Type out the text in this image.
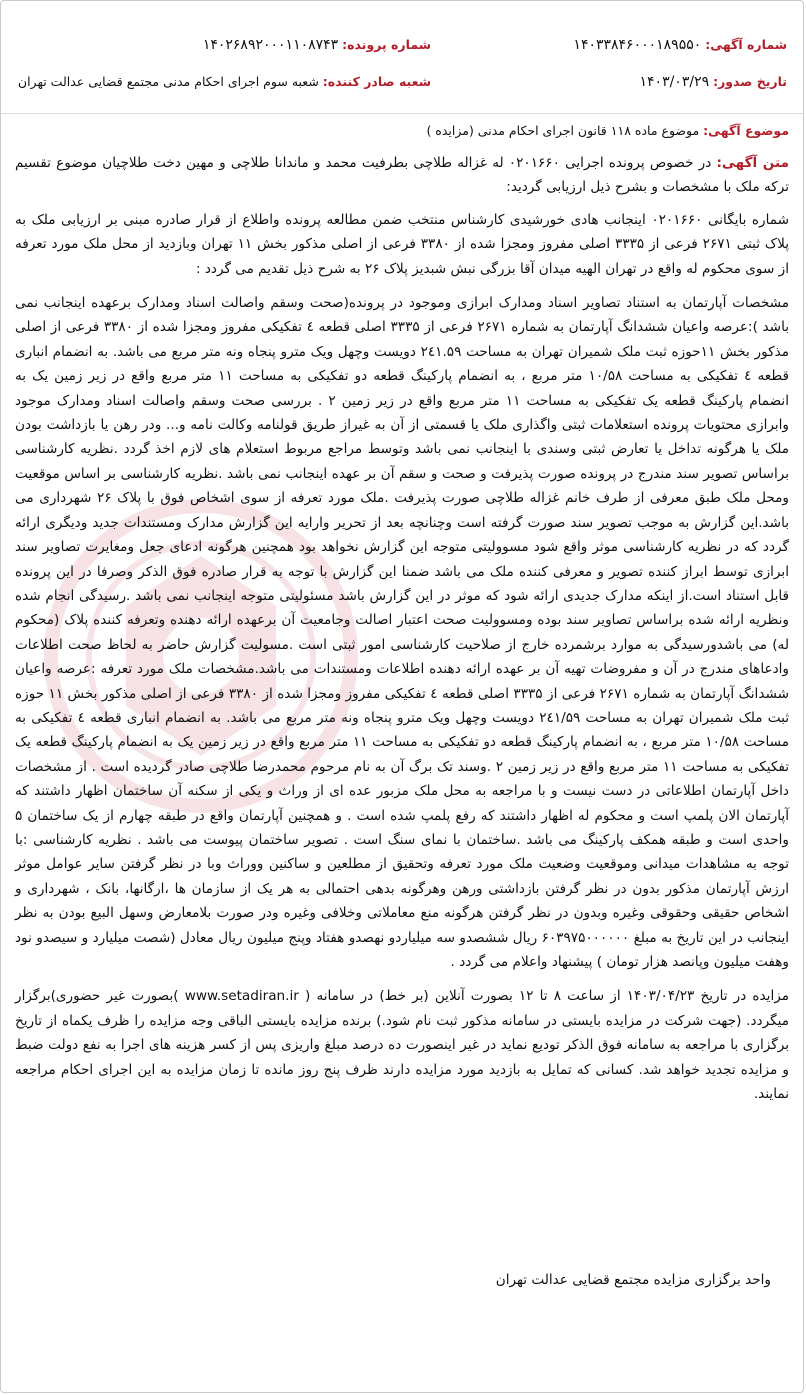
شماره آگهی: ۱۴۰۳۳۸۴۶۰۰۰۱۸۹۵۵۰
شماره پرونده: ۱۴۰۲۶۸۹۲۰۰۰۱۱۰۸۷۴۳
تاریخ صدور: ۱۴۰۳/۰۳/۲۹
شعبه صادر کننده: شعبه سوم اجرای احکام مدنی مجتمع قضایی عدالت تهران
موضوع آگهی: موضوع ماده ۱۱۸ قانون اجرای احکام مدنی (مزایده )

متن آگهی: در خصوص پرونده اجرایی ۰۲۰۱۶۶۰ له غزاله طلاچی بطرفیت محمد و ماندانا طلاچی و مهین دخت طلاچیان موضوع تقسیم ترکه ملک با مشخصات و بشرح ذیل ارزیابی گردید:

شماره بایگانی ۰۲۰۱۶۶۰ اینجانب هادی خورشیدی کارشناس منتخب ضمن مطالعه پرونده واطلاع از قرار صادره مبنی بر ارزیابی ملک به پلاک ثبتی ۲۶۷۱ فرعی از ۳۳۳۵ اصلی مفروز ومجزا شده از ۳۳۸۰ فرعی از اصلی مذکور بخش ۱۱ تهران وبازدید از محل ملک مورد تعرفه از سوی محکوم له واقع در تهران الهیه میدان آقا بزرگی نبش شبدیز پلاک ۲۶ به شرح ذیل تقدیم می گردد :

مشخصات آپارتمان به استناد تصاویر اسناد ومدارک ابرازی وموجود در پرونده(صحت وسقم واصالت اسناد ومدارک برعهده اینجانب نمی باشد ):عرصه واعیان ششدانگ آپارتمان به شماره ۲۶۷۱ فرعی از ۳۳۳۵ اصلی قطعه ٤ تفکیکی مفروز ومجزا شده از ۳۳۸۰ فرعی از اصلی مذکور بخش ۱۱حوزه ثبت ملک شمیران تهران به مساحت ۲٤۱.۵۹ دویست وچهل ویک مترو پنجاه ونه متر مربع می باشد. به انضمام انباری قطعه ٤ تفکیکی به مساحت ۱۰/۵۸ متر مربع ، به انضمام پارکینگ قطعه دو تفکیکی به مساحت ۱۱ متر مربع واقع در زیر زمین یک به انضمام پارکینگ قطعه یک تفکیکی به مساحت ۱۱ متر مربع واقع در زیر زمین ۲ . بررسی صحت وسقم واصالت اسناد ومدارک موجود وابرازی محتویات پرونده استعلامات ثبتی واگذاری ملک یا قسمتی از آن به غیراز طریق قولنامه وکالت نامه و... ودر رهن یا بازداشت بودن ملک یا هرگونه تداخل یا تعارض ثبتی وسندی با اینجانب نمی باشد وتوسط مراجع مربوط استعلام های لازم اخذ گردد .نظریه کارشناسی براساس تصویر سند مندرج در پرونده صورت پذیرفت و صحت و سقم آن بر عهده اینجانب نمی باشد .نظریه کارشناسی بر اساس موقعیت ومحل ملک طبق معرفی از طرف خانم غزاله طلاچی صورت پذیرفت .ملک مورد تعرفه از سوی اشخاص فوق با پلاک ۲۶ شهرداری می باشد.این گزارش به موجب تصویر سند صورت گرفته است وچنانچه بعد از تحریر وارایه این گزارش مدارک ومستندات جدید ودیگری ارائه گردد که در نظریه کارشناسی موثر واقع شود مسوولیتی متوجه این گزارش نخواهد بود همچنین هرگونه ادعای جعل ومغایرت تصاویر سند ابرازی توسط ابراز کننده تصویر و معرفی کننده ملک می باشد ضمنا این گزارش با توجه به قرار صادره فوق الذکر وصرفا در این پرونده قابل استناد است.از اینکه مدارک جدیدی ارائه شود که موثر در این گزارش باشد مسئولیتی متوجه اینجانب نمی باشد .رسیدگی انجام شده ونظریه ارائه شده براساس تصاویر سند بوده ومسوولیت صحت اعتبار اصالت وجامعیت آن برعهده ارائه دهنده وتعرفه کننده پلاک (محکوم له) می باشدورسیدگی به موارد برشمرده خارج از صلاحیت کارشناسی امور ثبتی است .مسولیت گزارش حاضر به لحاظ صحت اطلاعات وادعاهای مندرج در آن و مفروضات تهیه آن بر عهده ارائه دهنده اطلاعات ومستندات می باشد.مشخصات ملک مورد تعرفه :عرصه واعیان ششدانگ آپارتمان به شماره ۲۶۷۱ فرعی از ۳۳۳۵ اصلی قطعه ٤ تفکیکی مفروز ومجزا شده از ۳۳۸۰ فرعی از اصلی مذکور بخش ۱۱ حوزه ثبت ملک شمیران تهران به مساحت ۲٤۱/۵۹ دویست وچهل ویک مترو پنجاه ونه متر مربع می باشد. به انضمام انباری قطعه ٤ تفکیکی به مساحت ۱۰/۵۸ متر مربع ، به انضمام پارکینگ قطعه دو تفکیکی به مساحت ۱۱ متر مربع واقع در زیر زمین یک به انضمام پارکینگ قطعه یک تفکیکی به مساحت ۱۱ متر مربع واقع در زیر زمین ۲ .وسند تک برگ آن به نام مرحوم محمدرضا طلاچی صادر گردیده است . از مشخصات داخل آپارتمان اطلاعاتی در دست نیست و با مراجعه به محل ملک مزبور عده ای از وراث و یکی از سکنه آن ساختمان اظهار داشتند که آپارتمان الان پلمپ است و محکوم له اظهار داشتند که رفع پلمپ شده است . و همچنین آپارتمان واقع در طبقه چهارم از یک ساختمان ۵ واحدی است و طبقه همکف پارکینگ می باشد .ساختمان با نمای سنگ است . تصویر ساختمان پیوست می باشد . نظریه کارشناسی :با توجه به مشاهدات میدانی وموقعیت وضعیت ملک مورد تعرفه وتحقیق از مطلعین و ساکنین ووراث وبا در نظر گرفتن سایر عوامل موثر ارزش آپارتمان مذکور بدون در نظر گرفتن بازداشتی ورهن وهرگونه بدهی احتمالی به هر یک از سازمان ها ،ارگانها، بانک ، شهرداری و اشخاص حقیقی وحقوقی وغیره وبدون در نظر گرفتن هرگونه منع معاملاتی وخلافی وغیره ودر صورت بلامعارض وسهل البیع بودن به نظر اینجانب در این تاریخ به مبلغ ۶۰۳۹۷۵۰۰۰۰۰۰ ریال ششصدو سه میلیاردو نهصدو هفتاد وپنج میلیون ریال معادل (شصت میلیارد و سیصدو نود وهفت میلیون وپانصد هزار تومان ) پیشنهاد واعلام می گردد .

مزایده در تاریخ ۱۴۰۳/۰۴/۲۳ از ساعت ۸ تا ۱۲ بصورت آنلاین (بر خط) در سامانه ( www.setadiran.ir )بصورت غیر حضوری)برگزار میگردد. (جهت شرکت در مزایده بایستی در سامانه مذکور ثبت نام شود.) برنده مزایده بایستی الباقی وجه مزایده را ظرف یکماه از تاریخ برگزاری با مراجعه به سامانه فوق الذکر تودیع نماید در غیر اینصورت ده درصد مبلغ واریزی پس از کسر هزینه های اجرا به نفع دولت ضبط و مزایده تجدید خواهد شد. کسانی که تمایل به بازدید مورد مزایده دارند ظرف پنج روز مانده تا زمان مزایده به این اجرای احکام مراجعه نمایند.

واحد برگزاری مزایده مجتمع قضایی عدالت تهران
